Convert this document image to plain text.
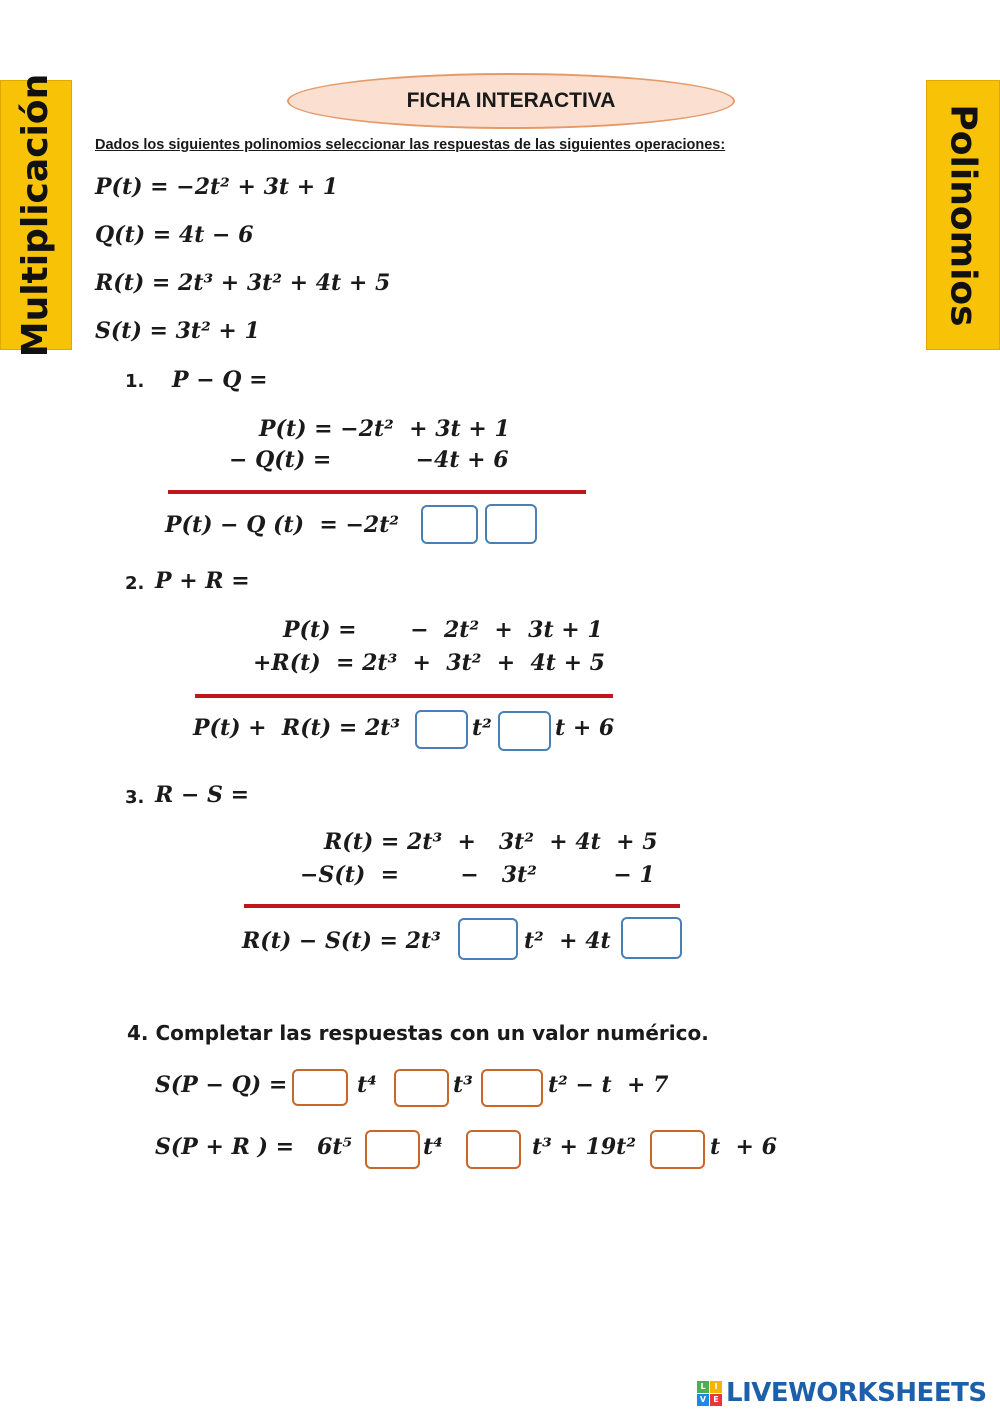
Multiplicación	Polinomios
FICHA INTERACTIVA
Dados los siguientes polinomios seleccionar las respuestas de las siguientes operaciones:
P(t) = −2t² + 3t + 1
Q(t) = 4t − 6
R(t) = 2t³ + 3t² + 4t + 5
S(t) = 3t² + 1
1. P − Q =
P(t) = −2t²  + 3t + 1
− Q(t) =           −4t + 6
P(t) − Q (t)  = −2t²
2. P + R =
P(t) =       −  2t²  +  3t + 1
+R(t)  = 2t³  +  3t²  +  4t + 5
P(t) +  R(t) = 2t³	t²	t + 6
3. R − S =
R(t) = 2t³  +   3t²  + 4t  + 5
−S(t)  =        −   3t²          − 1
R(t) − S(t) = 2t³	t²  + 4t
4. Completar las respuestas con un valor numérico.
S(P − Q) =	t⁴	t³	t² − t  + 7
S(P + R ) =   6t⁵	t⁴	t³ + 19t²	t  + 6
L	I
V E LIVEWORKSHEETS
